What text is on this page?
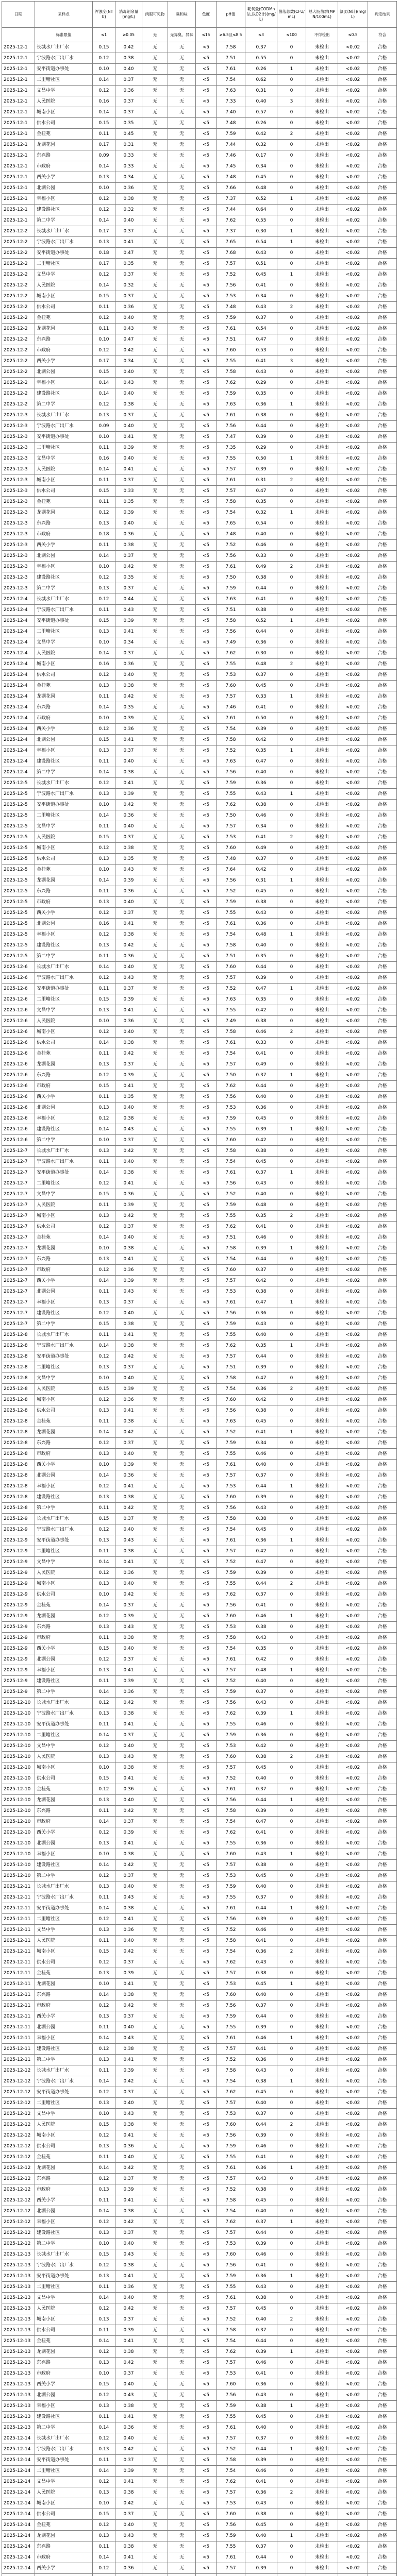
日期	采样点	浑浊度(NTU)	消毒剂余量(mg/L)	肉眼可见物	臭和味	色度	pH值	耗氧量(CODMn法,以O2计)(mg/L)	菌落总数(CFU/mL)	总大肠菌群(MPN/100mL)	氨(以N计)(mg/L)	判定结果
	标准限值	≤1	≥0.05	无	无异臭、异味	≤15	≥6.5且≤8.5	≤3	≤100	不得检出	≤0.5	符合
2025-12-1	长城水厂出厂水	0.15	0.42	无	无	<5	7.58	0.37	0	未检出	<0.02	合格
2025-12-1	宁波路水厂出厂水	0.12	0.38	无	无	<5	7.51	0.55	0	未检出	<0.02	合格
2025-12-1	安平街道办事处	0.10	0.40	无	无	<5	7.61	0.26	1	未检出	<0.02	合格
2025-12-1	二里塘社区	0.14	0.37	无	无	<5	7.54	0.62	0	未检出	<0.02	合格
2025-12-1	文昌中学	0.12	0.36	无	无	<5	7.63	0.31	0	未检出	<0.02	合格
2025-12-1	人民医院	0.16	0.37	无	无	<5	7.33	0.40	3	未检出	<0.02	合格
2025-12-1	城南小区	0.14	0.37	无	无	<5	7.40	0.57	0	未检出	<0.02	合格
2025-12-1	供水公司	0.15	0.35	无	无	<5	7.48	0.26	0	未检出	<0.02	合格
2025-12-1	金桂苑	0.11	0.45	无	无	<5	7.59	0.42	2	未检出	<0.02	合格
2025-12-1	龙湖花园	0.17	0.31	无	无	<5	7.44	0.32	0	未检出	<0.02	合格
2025-12-1	东兴路	0.09	0.33	无	无	<5	7.46	0.17	0	未检出	<0.02	合格
2025-12-1	市政府	0.14	0.33	无	无	<5	7.45	0.34	0	未检出	<0.02	合格
2025-12-1	西关小学	0.13	0.34	无	无	<5	7.48	0.45	0	未检出	<0.02	合格
2025-12-1	北湖公园	0.10	0.36	无	无	<5	7.66	0.48	0	未检出	<0.02	合格
2025-12-1	幸福小区	0.12	0.38	无	无	<5	7.37	0.52	1	未检出	<0.02	合格
2025-12-1	建设路社区	0.12	0.32	无	无	<5	7.44	0.64	0	未检出	<0.02	合格
2025-12-1	第二中学	0.14	0.40	无	无	<5	7.62	0.55	0	未检出	<0.02	合格
2025-12-2	长城水厂出厂水	0.17	0.37	无	无	<5	7.37	0.30	1	未检出	<0.02	合格
2025-12-2	宁波路水厂出厂水	0.13	0.41	无	无	<5	7.65	0.54	1	未检出	<0.02	合格
2025-12-2	安平街道办事处	0.18	0.47	无	无	<5	7.68	0.43	0	未检出	<0.02	合格
2025-12-2	二里塘社区	0.17	0.35	无	无	<5	7.57	0.51	0	未检出	<0.02	合格
2025-12-2	文昌中学	0.12	0.37	无	无	<5	7.52	0.45	1	未检出	<0.02	合格
2025-12-2	人民医院	0.14	0.32	无	无	<5	7.56	0.41	0	未检出	<0.02	合格
2025-12-2	城南小区	0.15	0.37	无	无	<5	7.53	0.34	0	未检出	<0.02	合格
2025-12-2	供水公司	0.11	0.36	无	无	<5	7.48	0.43	2	未检出	<0.02	合格
2025-12-2	金桂苑	0.12	0.40	无	无	<5	7.59	0.37	0	未检出	<0.02	合格
2025-12-2	龙湖花园	0.11	0.43	无	无	<5	7.61	0.54	0	未检出	<0.02	合格
2025-12-2	东兴路	0.10	0.47	无	无	<5	7.51	0.47	0	未检出	<0.02	合格
2025-12-2	市政府	0.12	0.42	无	无	<5	7.60	0.53	0	未检出	<0.02	合格
2025-12-2	西关小学	0.17	0.34	无	无	<5	7.55	0.41	3	未检出	<0.02	合格
2025-12-2	北湖公园	0.15	0.40	无	无	<5	7.58	0.43	0	未检出	<0.02	合格
2025-12-2	幸福小区	0.14	0.43	无	无	<5	7.62	0.29	0	未检出	<0.02	合格
2025-12-2	建设路社区	0.14	0.40	无	无	<5	7.59	0.35	0	未检出	<0.02	合格
2025-12-2	第二中学	0.12	0.38	无	无	<5	7.63	0.36	1	未检出	<0.02	合格
2025-12-3	长城水厂出厂水	0.13	0.37	无	无	<5	7.61	0.38	0	未检出	<0.02	合格
2025-12-3	宁波路水厂出厂水	0.09	0.40	无	无	<5	7.56	0.44	0	未检出	<0.02	合格
2025-12-3	安平街道办事处	0.10	0.41	无	无	<5	7.47	0.39	0	未检出	<0.02	合格
2025-12-3	二里塘社区	0.11	0.39	无	无	<5	7.35	0.29	0	未检出	<0.02	合格
2025-12-3	文昌中学	0.16	0.40	无	无	<5	7.55	0.50	1	未检出	<0.02	合格
2025-12-3	人民医院	0.14	0.41	无	无	<5	7.57	0.39	0	未检出	<0.02	合格
2025-12-3	城南小区	0.11	0.37	无	无	<5	7.61	0.31	2	未检出	<0.02	合格
2025-12-3	供水公司	0.15	0.33	无	无	<5	7.57	0.47	0	未检出	<0.02	合格
2025-12-3	金桂苑	0.11	0.35	无	无	<5	7.58	0.35	0	未检出	<0.02	合格
2025-12-3	龙湖花园	0.12	0.39	无	无	<5	7.54	0.32	1	未检出	<0.02	合格
2025-12-3	东兴路	0.13	0.40	无	无	<5	7.65	0.54	0	未检出	<0.02	合格
2025-12-3	市政府	0.18	0.36	无	无	<5	7.48	0.40	0	未检出	<0.02	合格
2025-12-3	西关小学	0.11	0.38	无	无	<5	7.52	0.46	0	未检出	<0.02	合格
2025-12-3	北湖公园	0.14	0.37	无	无	<5	7.56	0.33	0	未检出	<0.02	合格
2025-12-3	幸福小区	0.10	0.42	无	无	<5	7.61	0.49	2	未检出	<0.02	合格
2025-12-3	建设路社区	0.12	0.35	无	无	<5	7.50	0.38	0	未检出	<0.02	合格
2025-12-3	第二中学	0.13	0.37	无	无	<5	7.59	0.44	0	未检出	<0.02	合格
2025-12-4	长城水厂出厂水	0.12	0.44	无	无	<5	7.63	0.41	0	未检出	<0.02	合格
2025-12-4	宁波路水厂出厂水	0.11	0.43	无	无	<5	7.51	0.38	0	未检出	<0.02	合格
2025-12-4	安平街道办事处	0.15	0.39	无	无	<5	7.58	0.52	1	未检出	<0.02	合格
2025-12-4	二里塘社区	0.13	0.41	无	无	<5	7.56	0.44	0	未检出	<0.02	合格
2025-12-4	文昌中学	0.10	0.34	无	无	<5	7.49	0.36	0	未检出	<0.02	合格
2025-12-4	人民医院	0.14	0.37	无	无	<5	7.62	0.30	0	未检出	<0.02	合格
2025-12-4	城南小区	0.16	0.36	无	无	<5	7.55	0.48	2	未检出	<0.02	合格
2025-12-4	供水公司	0.12	0.40	无	无	<5	7.53	0.37	0	未检出	<0.02	合格
2025-12-4	金桂苑	0.13	0.38	无	无	<5	7.60	0.45	0	未检出	<0.02	合格
2025-12-4	龙湖花园	0.11	0.42	无	无	<5	7.57	0.33	1	未检出	<0.02	合格
2025-12-4	东兴路	0.14	0.35	无	无	<5	7.46	0.41	0	未检出	<0.02	合格
2025-12-4	市政府	0.10	0.39	无	无	<5	7.61	0.50	0	未检出	<0.02	合格
2025-12-4	西关小学	0.12	0.36	无	无	<5	7.54	0.39	0	未检出	<0.02	合格
2025-12-4	北湖公园	0.15	0.41	无	无	<5	7.58	0.42	0	未检出	<0.02	合格
2025-12-4	幸福小区	0.13	0.37	无	无	<5	7.52	0.35	1	未检出	<0.02	合格
2025-12-4	建设路社区	0.11	0.40	无	无	<5	7.63	0.47	0	未检出	<0.02	合格
2025-12-4	第二中学	0.14	0.38	无	无	<5	7.56	0.40	0	未检出	<0.02	合格
2025-12-5	长城水厂出厂水	0.12	0.41	无	无	<5	7.59	0.36	0	未检出	<0.02	合格
2025-12-5	宁波路水厂出厂水	0.13	0.39	无	无	<5	7.55	0.43	1	未检出	<0.02	合格
2025-12-5	安平街道办事处	0.10	0.42	无	无	<5	7.62	0.38	0	未检出	<0.02	合格
2025-12-5	二里塘社区	0.14	0.36	无	无	<5	7.50	0.46	0	未检出	<0.02	合格
2025-12-5	文昌中学	0.11	0.40	无	无	<5	7.57	0.34	0	未检出	<0.02	合格
2025-12-5	人民医院	0.15	0.37	无	无	<5	7.53	0.41	2	未检出	<0.02	合格
2025-12-5	城南小区	0.12	0.38	无	无	<5	7.60	0.49	0	未检出	<0.02	合格
2025-12-5	供水公司	0.13	0.35	无	无	<5	7.48	0.37	0	未检出	<0.02	合格
2025-12-5	金桂苑	0.10	0.43	无	无	<5	7.64	0.42	0	未检出	<0.02	合格
2025-12-5	龙湖花园	0.14	0.39	无	无	<5	7.56	0.31	1	未检出	<0.02	合格
2025-12-5	东兴路	0.11	0.36	无	无	<5	7.52	0.45	0	未检出	<0.02	合格
2025-12-5	市政府	0.13	0.40	无	无	<5	7.59	0.38	0	未检出	<0.02	合格
2025-12-5	西关小学	0.12	0.37	无	无	<5	7.55	0.43	0	未检出	<0.02	合格
2025-12-5	北湖公园	0.16	0.41	无	无	<5	7.61	0.36	0	未检出	<0.02	合格
2025-12-5	幸福小区	0.12	0.38	无	无	<5	7.54	0.48	1	未检出	<0.02	合格
2025-12-5	建设路社区	0.13	0.42	无	无	<5	7.58	0.40	0	未检出	<0.02	合格
2025-12-5	第二中学	0.11	0.36	无	无	<5	7.51	0.35	0	未检出	<0.02	合格
2025-12-6	长城水厂出厂水	0.14	0.40	无	无	<5	7.60	0.44	0	未检出	<0.02	合格
2025-12-6	宁波路水厂出厂水	0.12	0.43	无	无	<5	7.57	0.39	0	未检出	<0.02	合格
2025-12-6	安平街道办事处	0.11	0.37	无	无	<5	7.52	0.47	1	未检出	<0.02	合格
2025-12-6	二里塘社区	0.15	0.39	无	无	<5	7.63	0.35	0	未检出	<0.02	合格
2025-12-6	文昌中学	0.13	0.41	无	无	<5	7.55	0.42	0	未检出	<0.02	合格
2025-12-6	人民医院	0.10	0.36	无	无	<5	7.49	0.38	0	未检出	<0.02	合格
2025-12-6	城南小区	0.12	0.40	无	无	<5	7.58	0.46	2	未检出	<0.02	合格
2025-12-6	供水公司	0.14	0.38	无	无	<5	7.61	0.33	0	未检出	<0.02	合格
2025-12-6	金桂苑	0.11	0.42	无	无	<5	7.54	0.41	0	未检出	<0.02	合格
2025-12-6	龙湖花园	0.13	0.37	无	无	<5	7.57	0.49	0	未检出	<0.02	合格
2025-12-6	东兴路	0.12	0.39	无	无	<5	7.50	0.37	1	未检出	<0.02	合格
2025-12-6	市政府	0.15	0.41	无	无	<5	7.62	0.44	0	未检出	<0.02	合格
2025-12-6	西关小学	0.11	0.35	无	无	<5	7.56	0.40	0	未检出	<0.02	合格
2025-12-6	北湖公园	0.13	0.40	无	无	<5	7.53	0.36	0	未检出	<0.02	合格
2025-12-6	幸福小区	0.12	0.38	无	无	<5	7.59	0.45	0	未检出	<0.02	合格
2025-12-6	建设路社区	0.14	0.43	无	无	<5	7.55	0.39	1	未检出	<0.02	合格
2025-12-6	第二中学	0.10	0.37	无	无	<5	7.60	0.42	0	未检出	<0.02	合格
2025-12-7	长城水厂出厂水	0.13	0.42	无	无	<5	7.58	0.38	0	未检出	<0.02	合格
2025-12-7	宁波路水厂出厂水	0.11	0.40	无	无	<5	7.54	0.45	0	未检出	<0.02	合格
2025-12-7	安平街道办事处	0.14	0.38	无	无	<5	7.61	0.37	1	未检出	<0.02	合格
2025-12-7	二里塘社区	0.12	0.41	无	无	<5	7.56	0.43	0	未检出	<0.02	合格
2025-12-7	文昌中学	0.15	0.36	无	无	<5	7.52	0.40	0	未检出	<0.02	合格
2025-12-7	人民医院	0.11	0.39	无	无	<5	7.59	0.48	0	未检出	<0.02	合格
2025-12-7	城南小区	0.13	0.42	无	无	<5	7.55	0.35	2	未检出	<0.02	合格
2025-12-7	供水公司	0.12	0.37	无	无	<5	7.62	0.41	0	未检出	<0.02	合格
2025-12-7	金桂苑	0.14	0.40	无	无	<5	7.51	0.46	0	未检出	<0.02	合格
2025-12-7	龙湖花园	0.10	0.38	无	无	<5	7.58	0.39	1	未检出	<0.02	合格
2025-12-7	东兴路	0.13	0.41	无	无	<5	7.54	0.44	0	未检出	<0.02	合格
2025-12-7	市政府	0.12	0.36	无	无	<5	7.60	0.37	0	未检出	<0.02	合格
2025-12-7	西关小学	0.14	0.39	无	无	<5	7.57	0.42	0	未检出	<0.02	合格
2025-12-7	北湖公园	0.11	0.43	无	无	<5	7.53	0.38	0	未检出	<0.02	合格
2025-12-7	幸福小区	0.13	0.37	无	无	<5	7.61	0.47	1	未检出	<0.02	合格
2025-12-7	建设路社区	0.12	0.40	无	无	<5	7.56	0.36	0	未检出	<0.02	合格
2025-12-7	第二中学	0.15	0.38	无	无	<5	7.59	0.43	0	未检出	<0.02	合格
2025-12-8	长城水厂出厂水	0.11	0.41	无	无	<5	7.55	0.40	0	未检出	<0.02	合格
2025-12-8	宁波路水厂出厂水	0.14	0.38	无	无	<5	7.62	0.35	1	未检出	<0.02	合格
2025-12-8	安平街道办事处	0.12	0.42	无	无	<5	7.57	0.44	0	未检出	<0.02	合格
2025-12-8	二里塘社区	0.13	0.37	无	无	<5	7.51	0.39	0	未检出	<0.02	合格
2025-12-8	文昌中学	0.10	0.40	无	无	<5	7.58	0.47	0	未检出	<0.02	合格
2025-12-8	人民医院	0.15	0.39	无	无	<5	7.54	0.36	2	未检出	<0.02	合格
2025-12-8	城南小区	0.12	0.36	无	无	<5	7.60	0.42	0	未检出	<0.02	合格
2025-12-8	供水公司	0.13	0.41	无	无	<5	7.56	0.38	0	未检出	<0.02	合格
2025-12-8	金桂苑	0.11	0.38	无	无	<5	7.63	0.45	0	未检出	<0.02	合格
2025-12-8	龙湖花园	0.14	0.42	无	无	<5	7.52	0.41	1	未检出	<0.02	合格
2025-12-8	东兴路	0.12	0.37	无	无	<5	7.59	0.34	0	未检出	<0.02	合格
2025-12-8	市政府	0.13	0.40	无	无	<5	7.55	0.46	0	未检出	<0.02	合格
2025-12-8	西关小学	0.10	0.39	无	无	<5	7.61	0.40	0	未检出	<0.02	合格
2025-12-8	北湖公园	0.14	0.36	无	无	<5	7.57	0.37	0	未检出	<0.02	合格
2025-12-8	幸福小区	0.12	0.41	无	无	<5	7.53	0.44	1	未检出	<0.02	合格
2025-12-8	建设路社区	0.13	0.38	无	无	<5	7.60	0.39	0	未检出	<0.02	合格
2025-12-8	第二中学	0.11	0.42	无	无	<5	7.56	0.43	0	未检出	<0.02	合格
2025-12-9	长城水厂出厂水	0.15	0.37	无	无	<5	7.58	0.38	0	未检出	<0.02	合格
2025-12-9	宁波路水厂出厂水	0.12	0.40	无	无	<5	7.54	0.45	0	未检出	<0.02	合格
2025-12-9	安平街道办事处	0.13	0.43	无	无	<5	7.61	0.36	1	未检出	<0.02	合格
2025-12-9	二里塘社区	0.11	0.38	无	无	<5	7.57	0.42	0	未检出	<0.02	合格
2025-12-9	文昌中学	0.14	0.41	无	无	<5	7.52	0.47	0	未检出	<0.02	合格
2025-12-9	人民医院	0.12	0.36	无	无	<5	7.59	0.39	0	未检出	<0.02	合格
2025-12-9	城南小区	0.13	0.40	无	无	<5	7.55	0.44	2	未检出	<0.02	合格
2025-12-9	供水公司	0.10	0.42	无	无	<5	7.62	0.37	0	未检出	<0.02	合格
2025-12-9	金桂苑	0.14	0.37	无	无	<5	7.56	0.41	0	未检出	<0.02	合格
2025-12-9	龙湖花园	0.12	0.39	无	无	<5	7.60	0.46	1	未检出	<0.02	合格
2025-12-9	东兴路	0.13	0.43	无	无	<5	7.53	0.38	0	未检出	<0.02	合格
2025-12-9	市政府	0.11	0.38	无	无	<5	7.58	0.43	0	未检出	<0.02	合格
2025-12-9	西关小学	0.15	0.40	无	无	<5	7.54	0.35	0	未检出	<0.02	合格
2025-12-9	北湖公园	0.12	0.37	无	无	<5	7.61	0.42	0	未检出	<0.02	合格
2025-12-9	幸福小区	0.13	0.41	无	无	<5	7.57	0.48	1	未检出	<0.02	合格
2025-12-9	建设路社区	0.11	0.39	无	无	<5	7.52	0.40	0	未检出	<0.02	合格
2025-12-9	第二中学	0.14	0.36	无	无	<5	7.59	0.37	0	未检出	<0.02	合格
2025-12-10	长城水厂出厂水	0.12	0.42	无	无	<5	7.56	0.43	0	未检出	<0.02	合格
2025-12-10	宁波路水厂出厂水	0.13	0.38	无	无	<5	7.62	0.39	1	未检出	<0.02	合格
2025-12-10	安平街道办事处	0.11	0.41	无	无	<5	7.55	0.46	0	未检出	<0.02	合格
2025-12-10	二里塘社区	0.14	0.37	无	无	<5	7.59	0.36	0	未检出	<0.02	合格
2025-12-10	文昌中学	0.12	0.40	无	无	<5	7.53	0.42	0	未检出	<0.02	合格
2025-12-10	人民医院	0.13	0.43	无	无	<5	7.60	0.38	2	未检出	<0.02	合格
2025-12-10	城南小区	0.10	0.38	无	无	<5	7.57	0.45	0	未检出	<0.02	合格
2025-12-10	供水公司	0.15	0.41	无	无	<5	7.52	0.40	0	未检出	<0.02	合格
2025-12-10	金桂苑	0.12	0.36	无	无	<5	7.61	0.37	0	未检出	<0.02	合格
2025-12-10	龙湖花园	0.13	0.40	无	无	<5	7.56	0.44	1	未检出	<0.02	合格
2025-12-10	东兴路	0.11	0.42	无	无	<5	7.58	0.39	0	未检出	<0.02	合格
2025-12-10	市政府	0.14	0.37	无	无	<5	7.54	0.47	0	未检出	<0.02	合格
2025-12-10	西关小学	0.12	0.39	无	无	<5	7.62	0.41	0	未检出	<0.02	合格
2025-12-10	北湖公园	0.13	0.41	无	无	<5	7.55	0.36	0	未检出	<0.02	合格
2025-12-10	幸福小区	0.10	0.38	无	无	<5	7.60	0.43	1	未检出	<0.02	合格
2025-12-10	建设路社区	0.14	0.42	无	无	<5	7.57	0.38	0	未检出	<0.02	合格
2025-12-10	第二中学	0.12	0.37	无	无	<5	7.53	0.45	0	未检出	<0.02	合格
2025-12-11	长城水厂出厂水	0.13	0.40	无	无	<5	7.59	0.40	0	未检出	<0.02	合格
2025-12-11	宁波路水厂出厂水	0.11	0.43	无	无	<5	7.55	0.37	0	未检出	<0.02	合格
2025-12-11	安平街道办事处	0.14	0.38	无	无	<5	7.61	0.44	1	未检出	<0.02	合格
2025-12-11	二里塘社区	0.12	0.41	无	无	<5	7.56	0.39	0	未检出	<0.02	合格
2025-12-11	文昌中学	0.13	0.36	无	无	<5	7.52	0.46	0	未检出	<0.02	合格
2025-12-11	人民医院	0.11	0.40	无	无	<5	7.58	0.41	0	未检出	<0.02	合格
2025-12-11	城南小区	0.15	0.42	无	无	<5	7.54	0.36	2	未检出	<0.02	合格
2025-12-11	供水公司	0.12	0.37	无	无	<5	7.62	0.43	0	未检出	<0.02	合格
2025-12-11	金桂苑	0.13	0.39	无	无	<5	7.57	0.38	0	未检出	<0.02	合格
2025-12-11	龙湖花园	0.10	0.41	无	无	<5	7.53	0.45	1	未检出	<0.02	合格
2025-12-11	东兴路	0.14	0.38	无	无	<5	7.60	0.40	0	未检出	<0.02	合格
2025-12-11	市政府	0.12	0.42	无	无	<5	7.56	0.37	0	未检出	<0.02	合格
2025-12-11	西关小学	0.13	0.37	无	无	<5	7.59	0.44	0	未检出	<0.02	合格
2025-12-11	北湖公园	0.11	0.40	无	无	<5	7.55	0.39	0	未检出	<0.02	合格
2025-12-11	幸福小区	0.14	0.43	无	无	<5	7.61	0.46	1	未检出	<0.02	合格
2025-12-11	建设路社区	0.12	0.38	无	无	<5	7.57	0.41	0	未检出	<0.02	合格
2025-12-11	第二中学	0.13	0.41	无	无	<5	7.52	0.36	0	未检出	<0.02	合格
2025-12-12	长城水厂出厂水	0.11	0.39	无	无	<5	7.58	0.43	0	未检出	<0.02	合格
2025-12-12	宁波路水厂出厂水	0.14	0.42	无	无	<5	7.54	0.38	1	未检出	<0.02	合格
2025-12-12	安平街道办事处	0.12	0.37	无	无	<5	7.62	0.45	0	未检出	<0.02	合格
2025-12-12	二里塘社区	0.13	0.40	无	无	<5	7.57	0.40	0	未检出	<0.02	合格
2025-12-12	文昌中学	0.10	0.43	无	无	<5	7.53	0.37	0	未检出	<0.02	合格
2025-12-12	人民医院	0.15	0.38	无	无	<5	7.60	0.44	2	未检出	<0.02	合格
2025-12-12	城南小区	0.12	0.41	无	无	<5	7.56	0.39	0	未检出	<0.02	合格
2025-12-12	供水公司	0.13	0.36	无	无	<5	7.59	0.46	0	未检出	<0.02	合格
2025-12-12	金桂苑	0.11	0.40	无	无	<5	7.55	0.41	0	未检出	<0.02	合格
2025-12-12	龙湖花园	0.14	0.42	无	无	<5	7.61	0.36	1	未检出	<0.02	合格
2025-12-12	东兴路	0.12	0.37	无	无	<5	7.57	0.43	0	未检出	<0.02	合格
2025-12-12	市政府	0.13	0.39	无	无	<5	7.52	0.38	0	未检出	<0.02	合格
2025-12-12	西关小学	0.11	0.41	无	无	<5	7.58	0.45	0	未检出	<0.02	合格
2025-12-12	北湖公园	0.14	0.38	无	无	<5	7.54	0.40	0	未检出	<0.02	合格
2025-12-12	幸福小区	0.12	0.42	无	无	<5	7.62	0.37	1	未检出	<0.02	合格
2025-12-12	建设路社区	0.13	0.37	无	无	<5	7.57	0.44	0	未检出	<0.02	合格
2025-12-12	第二中学	0.10	0.40	无	无	<5	7.53	0.39	0	未检出	<0.02	合格
2025-12-13	长城水厂出厂水	0.15	0.43	无	无	<5	7.60	0.46	0	未检出	<0.02	合格
2025-12-13	宁波路水厂出厂水	0.12	0.38	无	无	<5	7.56	0.41	0	未检出	<0.02	合格
2025-12-13	安平街道办事处	0.13	0.41	无	无	<5	7.59	0.36	1	未检出	<0.02	合格
2025-12-13	二里塘社区	0.11	0.36	无	无	<5	7.55	0.43	0	未检出	<0.02	合格
2025-12-13	文昌中学	0.14	0.40	无	无	<5	7.61	0.38	0	未检出	<0.02	合格
2025-12-13	人民医院	0.12	0.42	无	无	<5	7.57	0.45	0	未检出	<0.02	合格
2025-12-13	城南小区	0.13	0.37	无	无	<5	7.52	0.40	2	未检出	<0.02	合格
2025-12-13	供水公司	0.11	0.39	无	无	<5	7.58	0.37	0	未检出	<0.02	合格
2025-12-13	金桂苑	0.14	0.41	无	无	<5	7.54	0.44	0	未检出	<0.02	合格
2025-12-13	龙湖花园	0.12	0.38	无	无	<5	7.62	0.39	1	未检出	<0.02	合格
2025-12-13	东兴路	0.13	0.42	无	无	<5	7.57	0.46	0	未检出	<0.02	合格
2025-12-13	市政府	0.10	0.37	无	无	<5	7.53	0.41	0	未检出	<0.02	合格
2025-12-13	西关小学	0.15	0.40	无	无	<5	7.60	0.36	0	未检出	<0.02	合格
2025-12-13	北湖公园	0.12	0.43	无	无	<5	7.56	0.43	0	未检出	<0.02	合格
2025-12-13	幸福小区	0.13	0.38	无	无	<5	7.59	0.38	1	未检出	<0.02	合格
2025-12-13	建设路社区	0.11	0.41	无	无	<5	7.55	0.45	0	未检出	<0.02	合格
2025-12-13	第二中学	0.14	0.36	无	无	<5	7.61	0.40	0	未检出	<0.02	合格
2025-12-14	长城水厂出厂水	0.12	0.40	无	无	<5	7.57	0.37	0	未检出	<0.02	合格
2025-12-14	宁波路水厂出厂水	0.13	0.42	无	无	<5	7.52	0.44	1	未检出	<0.02	合格
2025-12-14	安平街道办事处	0.11	0.37	无	无	<5	7.58	0.39	0	未检出	<0.02	合格
2025-12-14	二里塘社区	0.14	0.39	无	无	<5	7.54	0.46	0	未检出	<0.02	合格
2025-12-14	文昌中学	0.12	0.41	无	无	<5	7.62	0.41	0	未检出	<0.02	合格
2025-12-14	人民医院	0.13	0.38	无	无	<5	7.57	0.36	2	未检出	<0.02	合格
2025-12-14	城南小区	0.10	0.42	无	无	<5	7.53	0.43	0	未检出	<0.02	合格
2025-12-14	供水公司	0.15	0.37	无	无	<5	7.60	0.38	0	未检出	<0.02	合格
2025-12-14	金桂苑	0.12	0.40	无	无	<5	7.56	0.45	0	未检出	<0.02	合格
2025-12-14	龙湖花园	0.13	0.43	无	无	<5	7.59	0.40	1	未检出	<0.02	合格
2025-12-14	东兴路	0.11	0.38	无	无	<5	7.55	0.37	0	未检出	<0.02	合格
2025-12-14	市政府	0.14	0.41	无	无	<5	7.61	0.44	0	未检出	<0.02	合格
2025-12-14	西关小学	0.12	0.36	无	无	<5	7.57	0.39	0	未检出	<0.02	合格
